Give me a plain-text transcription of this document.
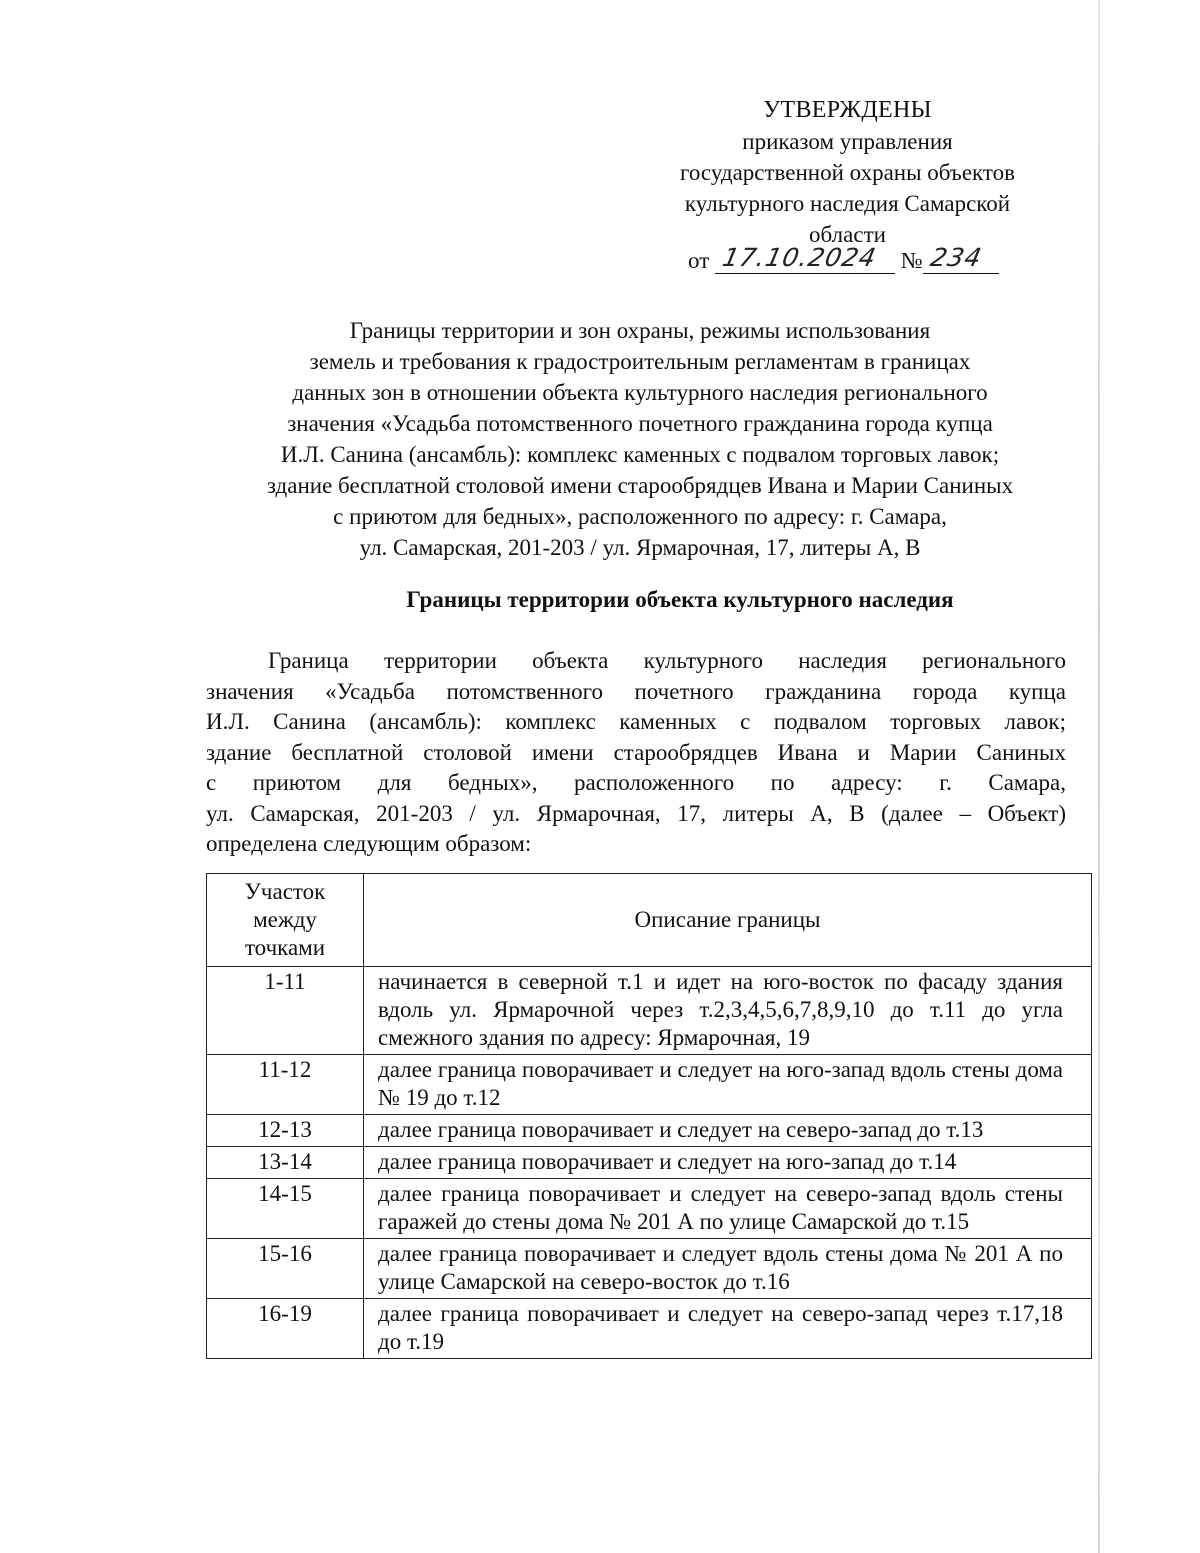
УТВЕРЖДЕНЫ
приказом управления
государственной охраны объектов
культурного наследия Самарской
области
от 17.10.2024 № 234
Границы территории и зон охраны, режимы использования
земель и требования к градостроительным регламентам в границах
данных зон в отношении объекта культурного наследия регионального
значения «Усадьба потомственного почетного гражданина города купца
И.Л. Санина (ансамбль): комплекс каменных с подвалом торговых лавок;
здание бесплатной столовой имени старообрядцев Ивана и Марии Саниных
с приютом для бедных», расположенного по адресу: г. Самара,
ул. Самарская, 201-203 / ул. Ярмарочная, 17, литеры А, В
Границы территории объекта культурного наследия
Граница территории объекта культурного наследия регионального
значения «Усадьба потомственного почетного гражданина города купца
И.Л. Санина (ансамбль): комплекс каменных с подвалом торговых лавок;
здание бесплатной столовой имени старообрядцев Ивана и Марии Саниных
с приютом для бедных», расположенного по адресу: г. Самара,
ул. Самарская, 201-203 / ул. Ярмарочная, 17, литеры А, В (далее – Объект)
определена следующим образом:
Участок между точками	Описание границы
1-11	начинается в северной т.1 и идет на юго-восток по фасаду здания вдоль ул. Ярмарочной через т.2,3,4,5,6,7,8,9,10 до т.11 до угла смежного здания по адресу: Ярмарочная, 19
11-12	далее граница поворачивает и следует на юго-запад вдоль стены дома № 19 до т.12
12-13	далее граница поворачивает и следует на северо-запад до т.13
13-14	далее граница поворачивает и следует на юго-запад до т.14
14-15	далее граница поворачивает и следует на северо-запад вдоль стены гаражей до стены дома № 201 А по улице Самарской до т.15
15-16	далее граница поворачивает и следует вдоль стены дома № 201 А по улице Самарской на северо-восток до т.16
16-19	далее граница поворачивает и следует на северо-запад через т.17,18 до т.19
